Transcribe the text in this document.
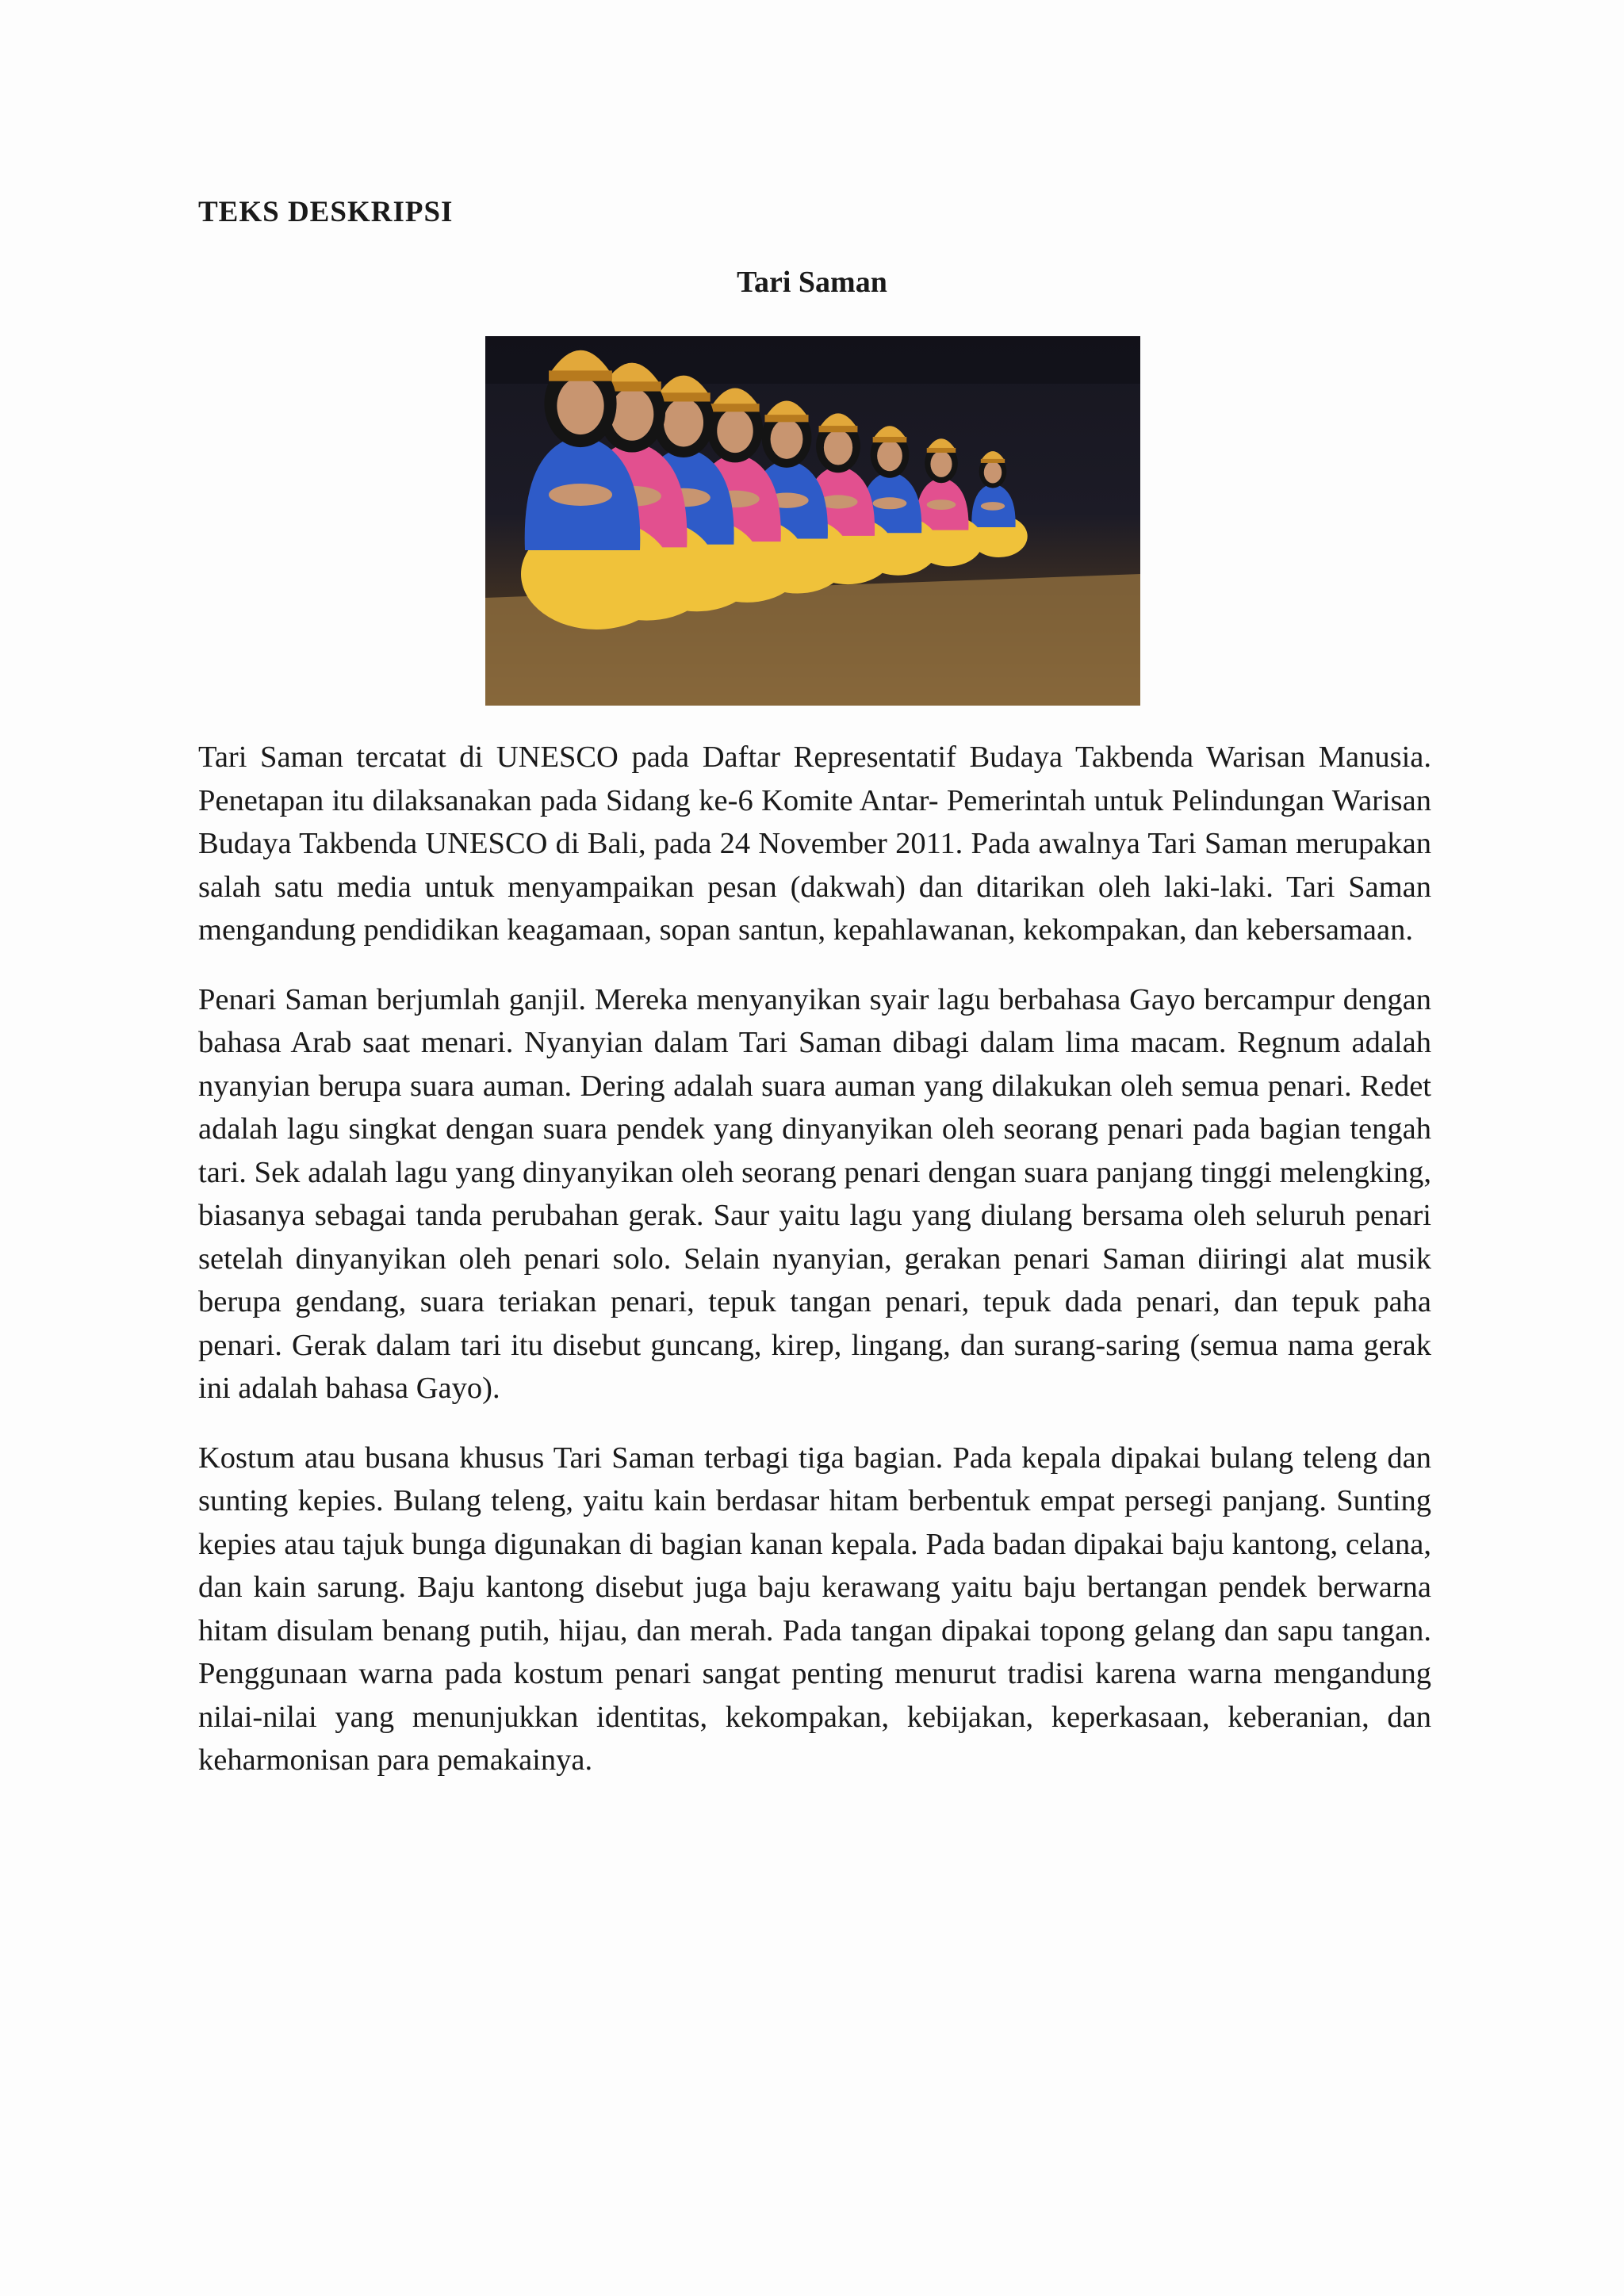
TEKS DESKRIPSI
Tari Saman

Tari Saman tercatat di UNESCO pada Daftar Representatif Budaya Takbenda Warisan Manusia. Penetapan itu dilaksanakan pada Sidang ke-6 Komite Antar- Pemerintah untuk Pelindungan Warisan Budaya Takbenda UNESCO di Bali, pada 24 November 2011. Pada awalnya Tari Saman merupakan salah satu media untuk menyampaikan pesan (dakwah) dan ditarikan oleh laki-laki. Tari Saman mengandung pendidikan keagamaan, sopan santun, kepahlawanan, kekompakan, dan kebersamaan.

Penari Saman berjumlah ganjil. Mereka menyanyikan syair lagu berbahasa Gayo bercampur dengan bahasa Arab saat menari. Nyanyian dalam Tari Saman dibagi dalam lima macam. Regnum adalah nyanyian berupa suara auman. Dering adalah suara auman yang dilakukan oleh semua penari. Redet adalah lagu singkat dengan suara pendek yang dinyanyikan oleh seorang penari pada bagian tengah tari. Sek adalah lagu yang dinyanyikan oleh seorang penari dengan suara panjang tinggi melengking, biasanya sebagai tanda perubahan gerak. Saur yaitu lagu yang diulang bersama oleh seluruh penari setelah dinyanyikan oleh penari solo. Selain nyanyian, gerakan penari Saman diiringi alat musik berupa gendang, suara teriakan penari, tepuk tangan penari, tepuk dada penari, dan tepuk paha penari. Gerak dalam tari itu disebut guncang, kirep, lingang, dan surang-saring (semua nama gerak ini adalah bahasa Gayo).

Kostum atau busana khusus Tari Saman terbagi tiga bagian. Pada kepala dipakai bulang teleng dan sunting kepies. Bulang teleng, yaitu kain berdasar hitam berbentuk empat persegi panjang. Sunting kepies atau tajuk bunga digunakan di bagian kanan kepala. Pada badan dipakai baju kantong, celana, dan kain sarung. Baju kantong disebut juga baju kerawang yaitu baju bertangan pendek berwarna hitam disulam benang putih, hijau, dan merah. Pada tangan dipakai topong gelang dan sapu tangan. Penggunaan warna pada kostum penari sangat penting menurut tradisi karena warna mengandung nilai-nilai yang menunjukkan identitas, kekompakan, kebijakan, keperkasaan, keberanian, dan keharmonisan para pemakainya.
